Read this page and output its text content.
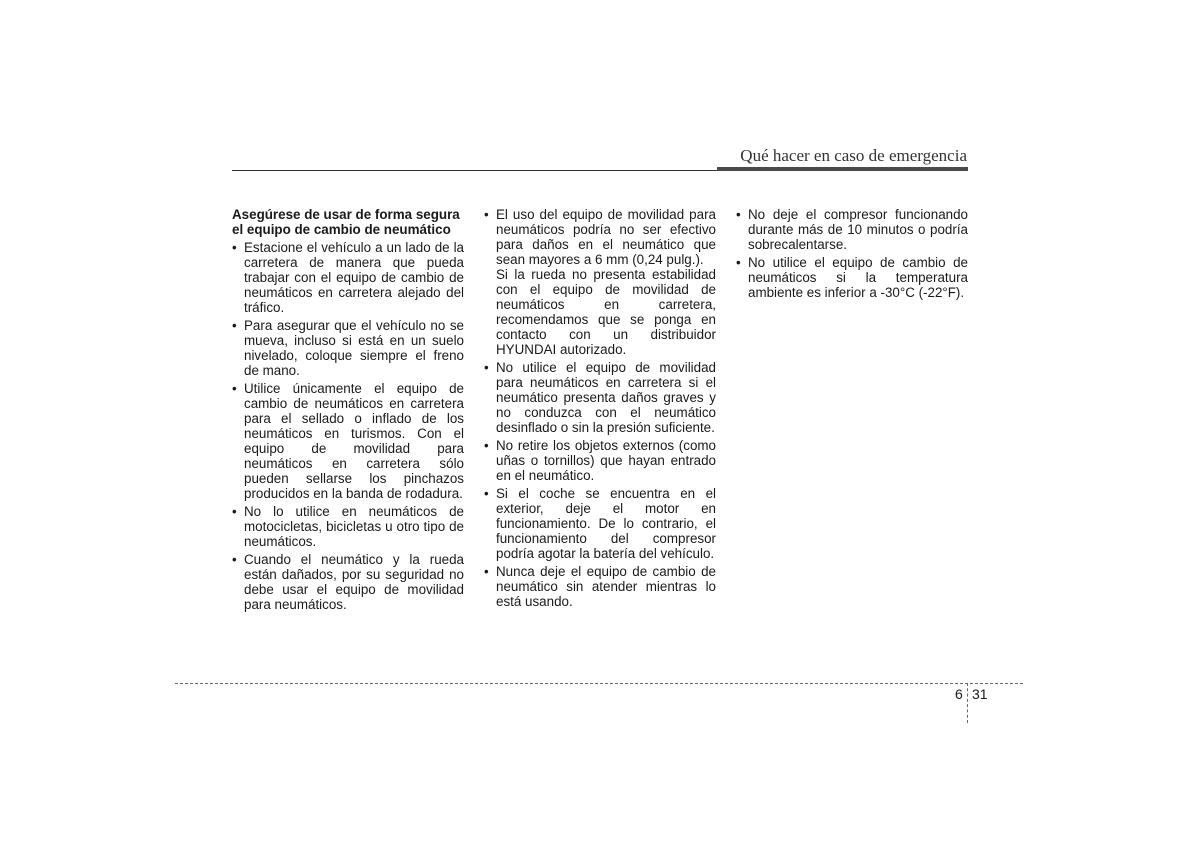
Qué hacer en caso de emergencia
Asegúrese de usar de forma segura el equipo de cambio de neumático
• Estacione el vehículo a un lado de la carretera de manera que pueda trabajar con el equipo de cambio de neumáticos en carretera alejado del tráfico.
• Para asegurar que el vehículo no se mueva, incluso si está en un suelo nivelado, coloque siempre el freno de mano.
• Utilice únicamente el equipo de cambio de neumáticos en carretera para el sellado o inflado de los neumáticos en turismos. Con el equipo de movilidad para neumáticos en carretera sólo pueden sellarse los pinchazos producidos en la banda de rodadura.
• No lo utilice en neumáticos de motocicletas, bicicletas u otro tipo de neumáticos.
• Cuando el neumático y la rueda están dañados, por su seguridad no debe usar el equipo de movilidad para neumáticos.
• El uso del equipo de movilidad para neumáticos podría no ser efectivo para daños en el neumático que sean mayores a 6 mm (0,24 pulg.).
Si la rueda no presenta estabilidad con el equipo de movilidad de neumáticos en carretera, recomendamos que se ponga en contacto con un distribuidor HYUNDAI autorizado.
• No utilice el equipo de movilidad para neumáticos en carretera si el neumático presenta daños graves y no conduzca con el neumático desinflado o sin la presión suficiente.
• No retire los objetos externos (como uñas o tornillos) que hayan entrado en el neumático.
• Si el coche se encuentra en el exterior, deje el motor en funcionamiento. De lo contrario, el funcionamiento del compresor podría agotar la batería del vehículo.
• Nunca deje el equipo de cambio de neumático sin atender mientras lo está usando.
• No deje el compresor funcionando durante más de 10 minutos o podría sobrecalentarse.
• No utilice el equipo de cambio de neumáticos si la temperatura ambiente es inferior a -30°C (-22°F).
6 31
